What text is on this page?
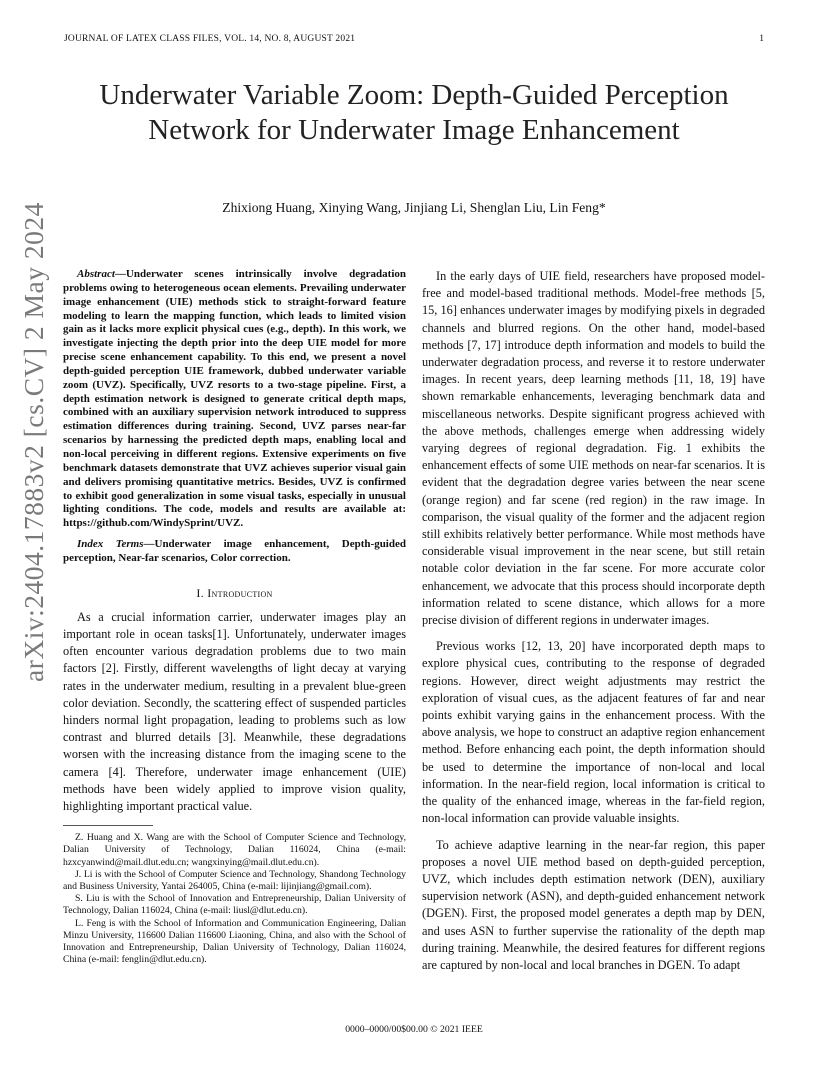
JOURNAL OF LATEX CLASS FILES, VOL. 14, NO. 8, AUGUST 2021	1
Underwater Variable Zoom: Depth-Guided Perception Network for Underwater Image Enhancement
Zhixiong Huang, Xinying Wang, Jinjiang Li, Shenglan Liu, Lin Feng*
arXiv:2404.17883v2 [cs.CV] 2 May 2024	Abstract—Underwater scenes intrinsically involve degradation problems owing to heterogeneous ocean elements. Prevailing underwater image enhancement (UIE) methods stick to straight-forward feature modeling to learn the mapping function, which leads to limited vision gain as it lacks more explicit physical cues (e.g., depth). In this work, we investigate injecting the depth prior into the deep UIE model for more precise scene enhancement capability. To this end, we present a novel depth-guided perception UIE framework, dubbed underwater variable zoom (UVZ). Specifically, UVZ resorts to a two-stage pipeline. First, a depth estimation network is designed to generate critical depth maps, combined with an auxiliary supervision network introduced to suppress estimation differences during training. Second, UVZ parses near-far scenarios by harnessing the predicted depth maps, enabling local and non-local perceiving in different regions. Extensive experiments on five benchmark datasets demonstrate that UVZ achieves superior visual gain and delivers promising quantitative metrics. Besides, UVZ is confirmed to exhibit good generalization in some visual tasks, especially in unusual lighting conditions. The code, models and results are available at: https://github.com/WindySprint/UVZ.

Index Terms—Underwater image enhancement, Depth-guided perception, Near-far scenarios, Color correction.

I. Introduction

As a crucial information carrier, underwater images play an important role in ocean tasks[1]. Unfortunately, underwater images often encounter various degradation problems due to two main factors [2]. Firstly, different wavelengths of light decay at varying rates in the underwater medium, resulting in a prevalent blue-green color deviation. Secondly, the scattering effect of suspended particles hinders normal light propagation, leading to problems such as low contrast and blurred details [3]. Meanwhile, these degradations worsen with the increasing distance from the imaging scene to the camera [4]. Therefore, underwater image enhancement (UIE) methods have been widely applied to improve vision quality, highlighting important practical value.

Z. Huang and X. Wang are with the School of Computer Science and Technology, Dalian University of Technology, Dalian 116024, China (e-mail: hzxcyanwind@mail.dlut.edu.cn; wangxinying@mail.dlut.edu.cn).

J. Li is with the School of Computer Science and Technology, Shandong Technology and Business University, Yantai 264005, China (e-mail: lijinjiang@gmail.com).

S. Liu is with the School of Innovation and Entrepreneurship, Dalian University of Technology, Dalian 116024, China (e-mail: liusl@dlut.edu.cn).

L. Feng is with the School of Information and Communication Engineering, Dalian Minzu University, 116600 Dalian 116600 Liaoning, China, and also with the School of Innovation and Entrepreneurship, Dalian University of Technology, Dalian 116024, China (e-mail: fenglin@dlut.edu.cn).

In the early days of UIE field, researchers have proposed model-free and model-based traditional methods. Model-free methods [5, 15, 16] enhances underwater images by modifying pixels in degraded channels and blurred regions. On the other hand, model-based methods [7, 17] introduce depth information and models to build the underwater degradation process, and reverse it to restore underwater images. In recent years, deep learning methods [11, 18, 19] have shown remarkable enhancements, leveraging benchmark data and miscellaneous networks. Despite significant progress achieved with the above methods, challenges emerge when addressing widely varying degrees of regional degradation. Fig. 1 exhibits the enhancement effects of some UIE methods on near-far scenarios. It is evident that the degradation degree varies between the near scene (orange region) and far scene (red region) in the raw image. In comparison, the visual quality of the former and the adjacent region still exhibits relatively better performance. While most methods have considerable visual improvement in the near scene, but still retain notable color deviation in the far scene. For more accurate color enhancement, we advocate that this process should incorporate depth information related to scene distance, which allows for a more precise division of different regions in underwater images.

Previous works [12, 13, 20] have incorporated depth maps to explore physical cues, contributing to the response of degraded regions. However, direct weight adjustments may restrict the exploration of visual cues, as the adjacent features of far and near points exhibit varying gains in the enhancement process. With the above analysis, we hope to construct an adaptive region enhancement method. Before enhancing each point, the depth information should be used to determine the importance of non-local and local information. In the near-field region, local information is critical to the quality of the enhanced image, whereas in the far-field region, non-local information can provide valuable insights.

To achieve adaptive learning in the near-far region, this paper proposes a novel UIE method based on depth-guided perception, UVZ, which includes depth estimation network (DEN), auxiliary supervision network (ASN), and depth-guided enhancement network (DGEN). First, the proposed model generates a depth map by DEN, and uses ASN to further supervise the rationality of the depth map during training. Meanwhile, the desired features for different regions are captured by non-local and local branches in DGEN. To adapt

0000–0000/00$00.00 © 2021 IEEE
